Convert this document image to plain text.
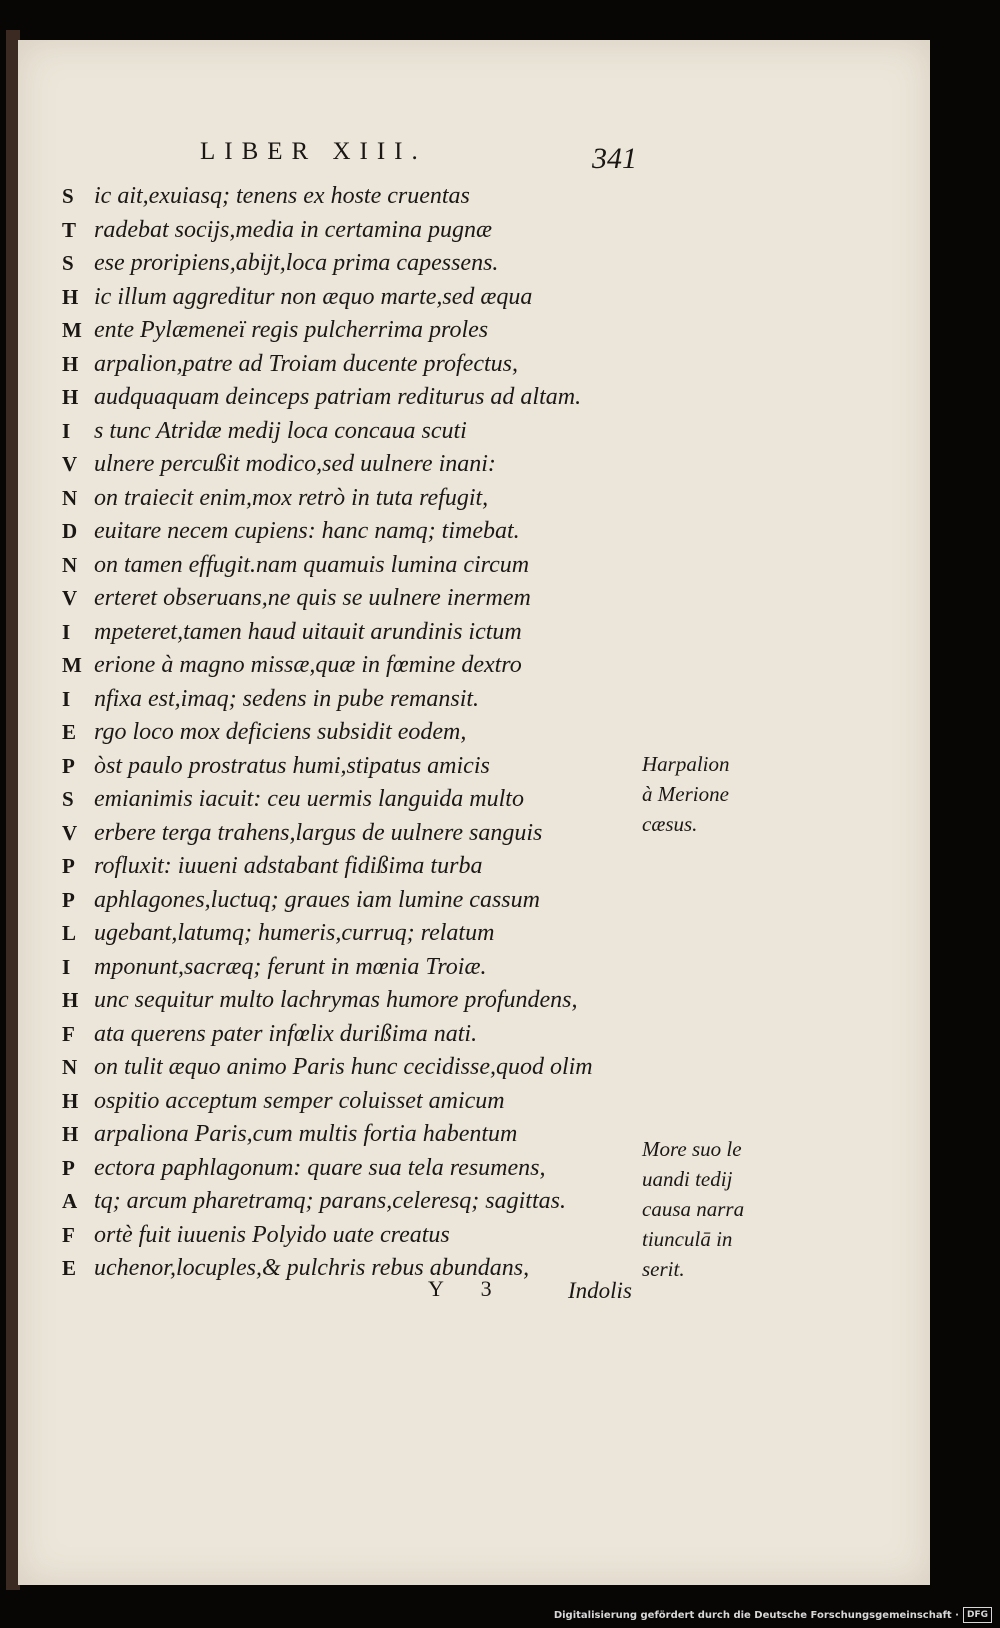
LIBER XIII.	341
S ic ait,exuiasq; tenens ex hoste cruentas
T radebat socijs,media in certamina pugnæ
S ese proripiens,abijt,loca prima capessens.
H ic illum aggreditur non æquo marte,sed æqua
M ente Pylæmeneï regis pulcherrima proles
H arpalion,patre ad Troiam ducente profectus,
H audquaquam deinceps patriam rediturus ad altam.
I s tunc Atridæ medij loca concaua scuti
V ulnere percußit modico,sed uulnere inani:
N on traiecit enim,mox retrò in tuta refugit,
D euitare necem cupiens: hanc namq; timebat.
N on tamen effugit.nam quamuis lumina circum
V erteret obseruans,ne quis se uulnere inermem
I mpeteret,tamen haud uitauit arundinis ictum
M erione à magno missæ,quæ in fœmine dextro
I nfixa est,imaq; sedens in pube remansit.
E rgo loco mox deficiens subsidit eodem,
P òst paulo prostratus humi,stipatus amicis
S emianimis iacuit: ceu uermis languida multo
V erbere terga trahens,largus de uulnere sanguis
P rofluxit: iuueni adstabant fidißima turba
P aphlagones,luctuq; graues iam lumine cassum
L ugebant,latumq; humeris,curruq; relatum
I mponunt,sacræq; ferunt in mœnia Troiæ.
H unc sequitur multo lachrymas humore profundens,
F ata querens pater infœlix durißima nati.
N on tulit æquo animo Paris hunc cecidisse,quod olim
H ospitio acceptum semper coluisset amicum
H arpaliona Paris,cum multis fortia habentum
P ectora paphlagonum: quare sua tela resumens,
A tq; arcum pharetramq; parans,celeresq; sagittas.
F ortè fuit iuuenis Polyido uate creatus
E uchenor,locuples,& pulchris rebus abundans,
Harpalion
à Merione
cæsus.
More suo le
uandi tedij
causa narra
tiunculā in
serit.
Y 3	Indolis
Digitalisierung gefördert durch die Deutsche Forschungsgemeinschaft · DFG
